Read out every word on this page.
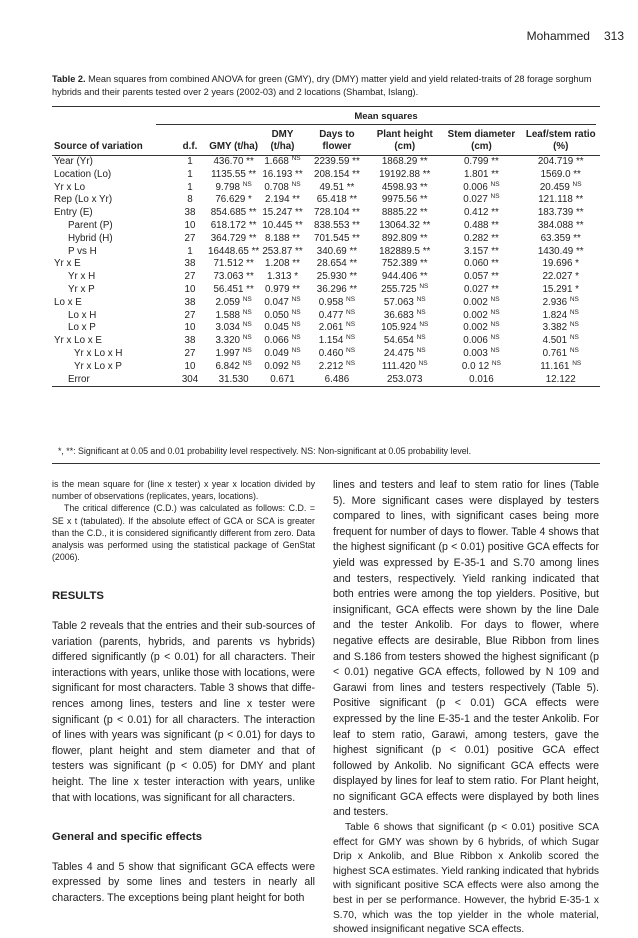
Mohammed 313
Table 2. Mean squares from combined ANOVA for green (GMY), dry (DMY) matter yield and yield related-traits of 28 forage sorghum hybrids and their parents tested over 2 years (2002-03) and 2 locations (Shambat, Islang).
Mean squares
Source of variation	d.f.	GMY (t/ha)	DMY (t/ha)	Days to flower	Plant height (cm)	Stem diameter (cm)	Leaf/stem ratio (%)
Year (Yr)	1	436.70 **	1.668 $^{NS}$	2239.59 **	1868.29 **	0.799 **	204.719 **
Location (Lo)	1	1135.55 **	16.193 **	208.154 **	19192.88 **	1.801 **	1569.0 **
Yr x Lo	1	9.798 $^{NS}$	0.708 $^{NS}$	49.51 **	4598.93 **	0.006 $^{NS}$	20.459 $^{NS}$
Rep (Lo x Yr)	8	76.629 *	2.194 **	65.418 **	9975.56 **	0.027 $^{NS}$	121.118 **
Entry (E)	38	854.685 **	15.247 **	728.104 **	8885.22 **	0.412 **	183.739 **
Parent (P)	10	618.172 **	10.445 **	838.553 **	13064.32 **	0.488 **	384.088 **
Hybrid (H)	27	364.729 **	8.188 **	701.545 **	892.809 **	0.282 **	63.359 **
P vs H	1	16448.65 **	253.87 **	340.69 **	182889.5 **	3.157 **	1430.49 **
Yr x E	38	71.512 **	1.208 **	28.654 **	752.389 **	0.060 **	19.696 *
Yr x H	27	73.063 **	1.313 *	25.930 **	944.406 **	0.057 **	22.027 *
Yr x P	10	56.451 **	0.979 **	36.296 **	255.725 $^{NS}$	0.027 **	15.291 *
Lo x E	38	2.059 $^{NS}$	0.047 $^{NS}$	0.958 $^{NS}$	57.063 $^{NS}$	0.002 $^{NS}$	2.936 $^{NS}$
Lo x H	27	1.588 $^{NS}$	0.050 $^{NS}$	0.477 $^{NS}$	36.683 $^{NS}$	0.002 $^{NS}$	1.824 $^{NS}$
Lo x P	10	3.034 $^{NS}$	0.045 $^{NS}$	2.061 $^{NS}$	105.924 $^{NS}$	0.002 $^{NS}$	3.382 $^{NS}$
Yr x Lo x E	38	3.320 $^{NS}$	0.066 $^{NS}$	1.154 $^{NS}$	54.654 $^{NS}$	0.006 $^{NS}$	4.501 $^{NS}$
Yr x Lo x H	27	1.997 $^{NS}$	0.049 $^{NS}$	0.460 $^{NS}$	24.475 $^{NS}$	0.003 $^{NS}$	0.761 $^{NS}$
Yr x Lo x P	10	6.842 $^{NS}$	0.092 $^{NS}$	2.212 $^{NS}$	111.420 $^{NS}$	0.0 12 $^{NS}$	11.161 $^{NS}$
Error	304	31.530	0.671	6.486	253.073	0.016	12.122
*, **: Significant at 0.05 and 0.01 probability level respectively. NS: Non-significant at 0.05 probability level.

is the mean square for (line x tester) x year x location divided by number of observations (replicates, years, locations).

The critical difference (C.D.) was calculated as follows: C.D. = SE x t (tabulated). If the absolute effect of GCA or SCA is greater than the C.D., it is considered significantly different from zero. Data analysis was performed using the statistical package of GenStat (2006).

RESULTS

Table 2 reveals that the entries and their sub-sources of variation (parents, hybrids, and parents vs hybrids) differed significantly (p < 0.01) for all characters. Their interactions with years, unlike those with locations, were significant for most characters. Table 3 shows that diffe-rences among lines, testers and line x tester were significant (p < 0.01) for all characters. The interaction of lines with years was significant (p < 0.01) for days to flower, plant height and stem diameter and that of testers was significant (p < 0.05) for DMY and plant height. The line x tester interaction with years, unlike that with locations, was significant for all characters.

General and specific effects

Tables 4 and 5 show that significant GCA effects were expressed by some lines and testers in nearly all characters. The exceptions being plant height for both

lines and testers and leaf to stem ratio for lines (Table 5). More significant cases were displayed by testers compared to lines, with significant cases being more frequent for number of days to flower. Table 4 shows that the highest significant (p < 0.01) positive GCA effects for yield was expressed by E-35-1 and S.70 among lines and testers, respectively. Yield ranking indicated that both entries were among the top yielders. Positive, but insignificant, GCA effects were shown by the line Dale and the tester Ankolib. For days to flower, where negative effects are desirable, Blue Ribbon from lines and S.186 from testers showed the highest significant (p < 0.01) negative GCA effects, followed by N 109 and Garawi from lines and testers respectively (Table 5). Positive significant (p < 0.01) GCA effects were expressed by the line E-35-1 and the tester Ankolib. For leaf to stem ratio, Garawi, among testers, gave the highest significant (p < 0.01) positive GCA effect followed by Ankolib. No significant GCA effects were displayed by lines for leaf to stem ratio. For Plant height, no significant GCA effects were displayed by both lines and testers.

Table 6 shows that significant (p < 0.01) positive SCA effect for GMY was shown by 6 hybrids, of which Sugar Drip x Ankolib, and Blue Ribbon x Ankolib scored the highest SCA estimates. Yield ranking indicated that hybrids with significant positive SCA effects were also among the best in per se performance. However, the hybrid E-35-1 x S.70, which was the top yielder in the whole material, showed insignificant negative SCA effects.
